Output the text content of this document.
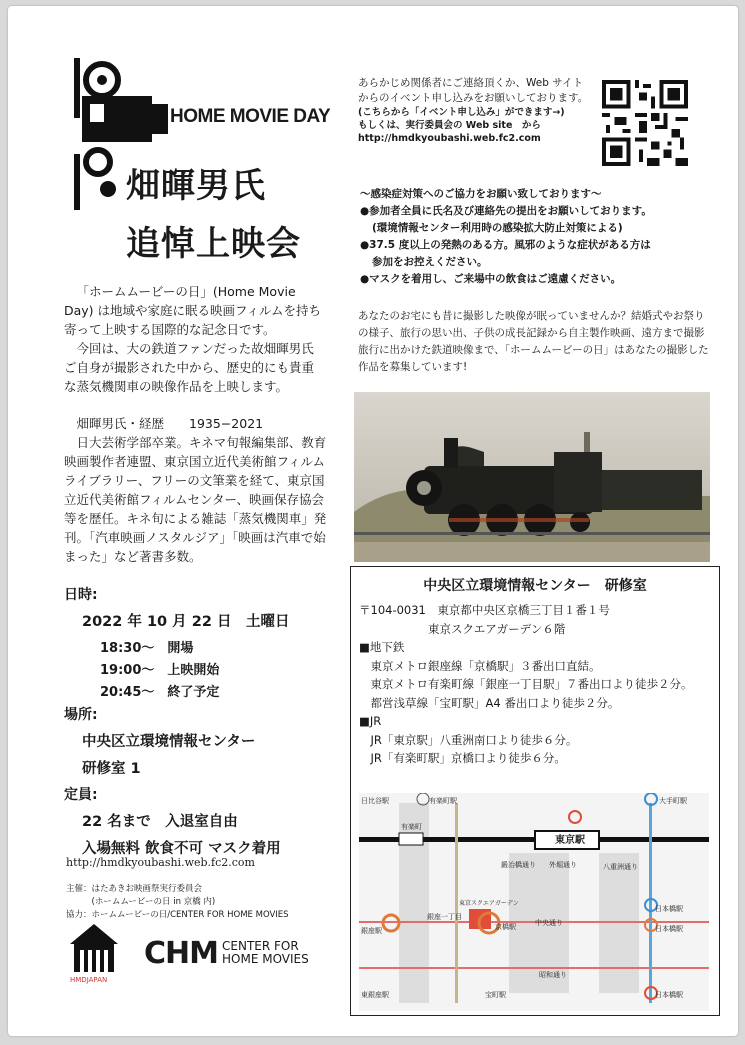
HOME MOVIE DAY
畑暉男氏
追悼上映会
「ホームムービーの日」(Home Movie Day) は地域や家庭に眠る映画フィルムを持ち寄って上映する国際的な記念日です。
今回は、大の鉄道ファンだった故畑暉男氏ご自身が撮影された中から、歴史的にも貴重な蒸気機関車の映像作品を上映します。
畑暉男氏・経歴　　1935−2021
日大芸術学部卒業。キネマ旬報編集部、教育映画製作者連盟、東京国立近代美術館フィルムライブラリー、フリーの文筆業を経て、東京国立近代美術館フィルムセンター、映画保存協会　等を歴任。キネ旬による雑誌「蒸気機関車」発刊。「汽車映画ノスタルジア」「映画は汽車で始まった」など著書多数。
日時:
2022 年 10 月 22 日　土曜日
18:30〜　開場
19:00〜　上映開始
20:45〜　終了予定
場所:
中央区立環境情報センター
研修室 1
定員:
22 名まで　入退室自由
入場無料 飲食不可 マスク着用
http://hmdkyoubashi.web.fc2.com
主催：はたあきお映画祭実行委員会
　　　(ホームムービーの日 in 京橋 内)
協力：ホームムービーの日/CENTER FOR HOME MOVIES
HMDJAPAN
CHM CENTER FOR
HOME MOVIES
あらかじめ関係者にご連絡頂くか、Web サイトからのイベント申し込みをお願いしております。
(こちらから「イベント申し込み」ができます→)
もしくは、実行委員会の Web site　から
http://hmdkyoubashi.web.fc2.com
〜感染症対策へのご協力をお願い致しております〜
●参加者全員に氏名及び連絡先の提出をお願いしております。
(環境情報センター利用時の感染拡大防止対策による)
●37.5 度以上の発熱のある方。風邪のような症状がある方は
参加をお控えください。
●マスクを着用し、ご来場中の飲食はご遠慮ください。
あなたのお宅にも昔に撮影した映像が眠っていませんか？結婚式やお祭りの様子、旅行の思い出、子供の成長記録から自主製作映画、遠方まで撮影旅行に出かけた鉄道映像まで、「ホームムービーの日」はあなたの撮影した作品を募集しています!
中央区立環境情報センター　研修室
〒104-0031　東京都中央区京橋三丁目１番１号
　　　　　　東京スクエアガーデン６階
■地下鉄
　東京メトロ銀座線「京橋駅」３番出口直結。
　東京メトロ有楽町線「銀座一丁目駅」７番出口より徒歩２分。
　都営浅草線「宝町駅」A4 番出口より徒歩２分。
■JR
　JR「東京駅」八重洲南口より徒歩６分。
　JR「有楽町駅」京橋口より徒歩６分。
日比谷駅	有楽町駅	大手町駅
有楽町
東京駅
外堀通り
鍛冶橋通り	八重洲通り
東京スクエアガーデン
銀座一丁目
京橋駅	中央通り
日本橋駅
銀座駅	日本橋駅
昭和通り
東銀座駅	宝町駅	日本橋駅
